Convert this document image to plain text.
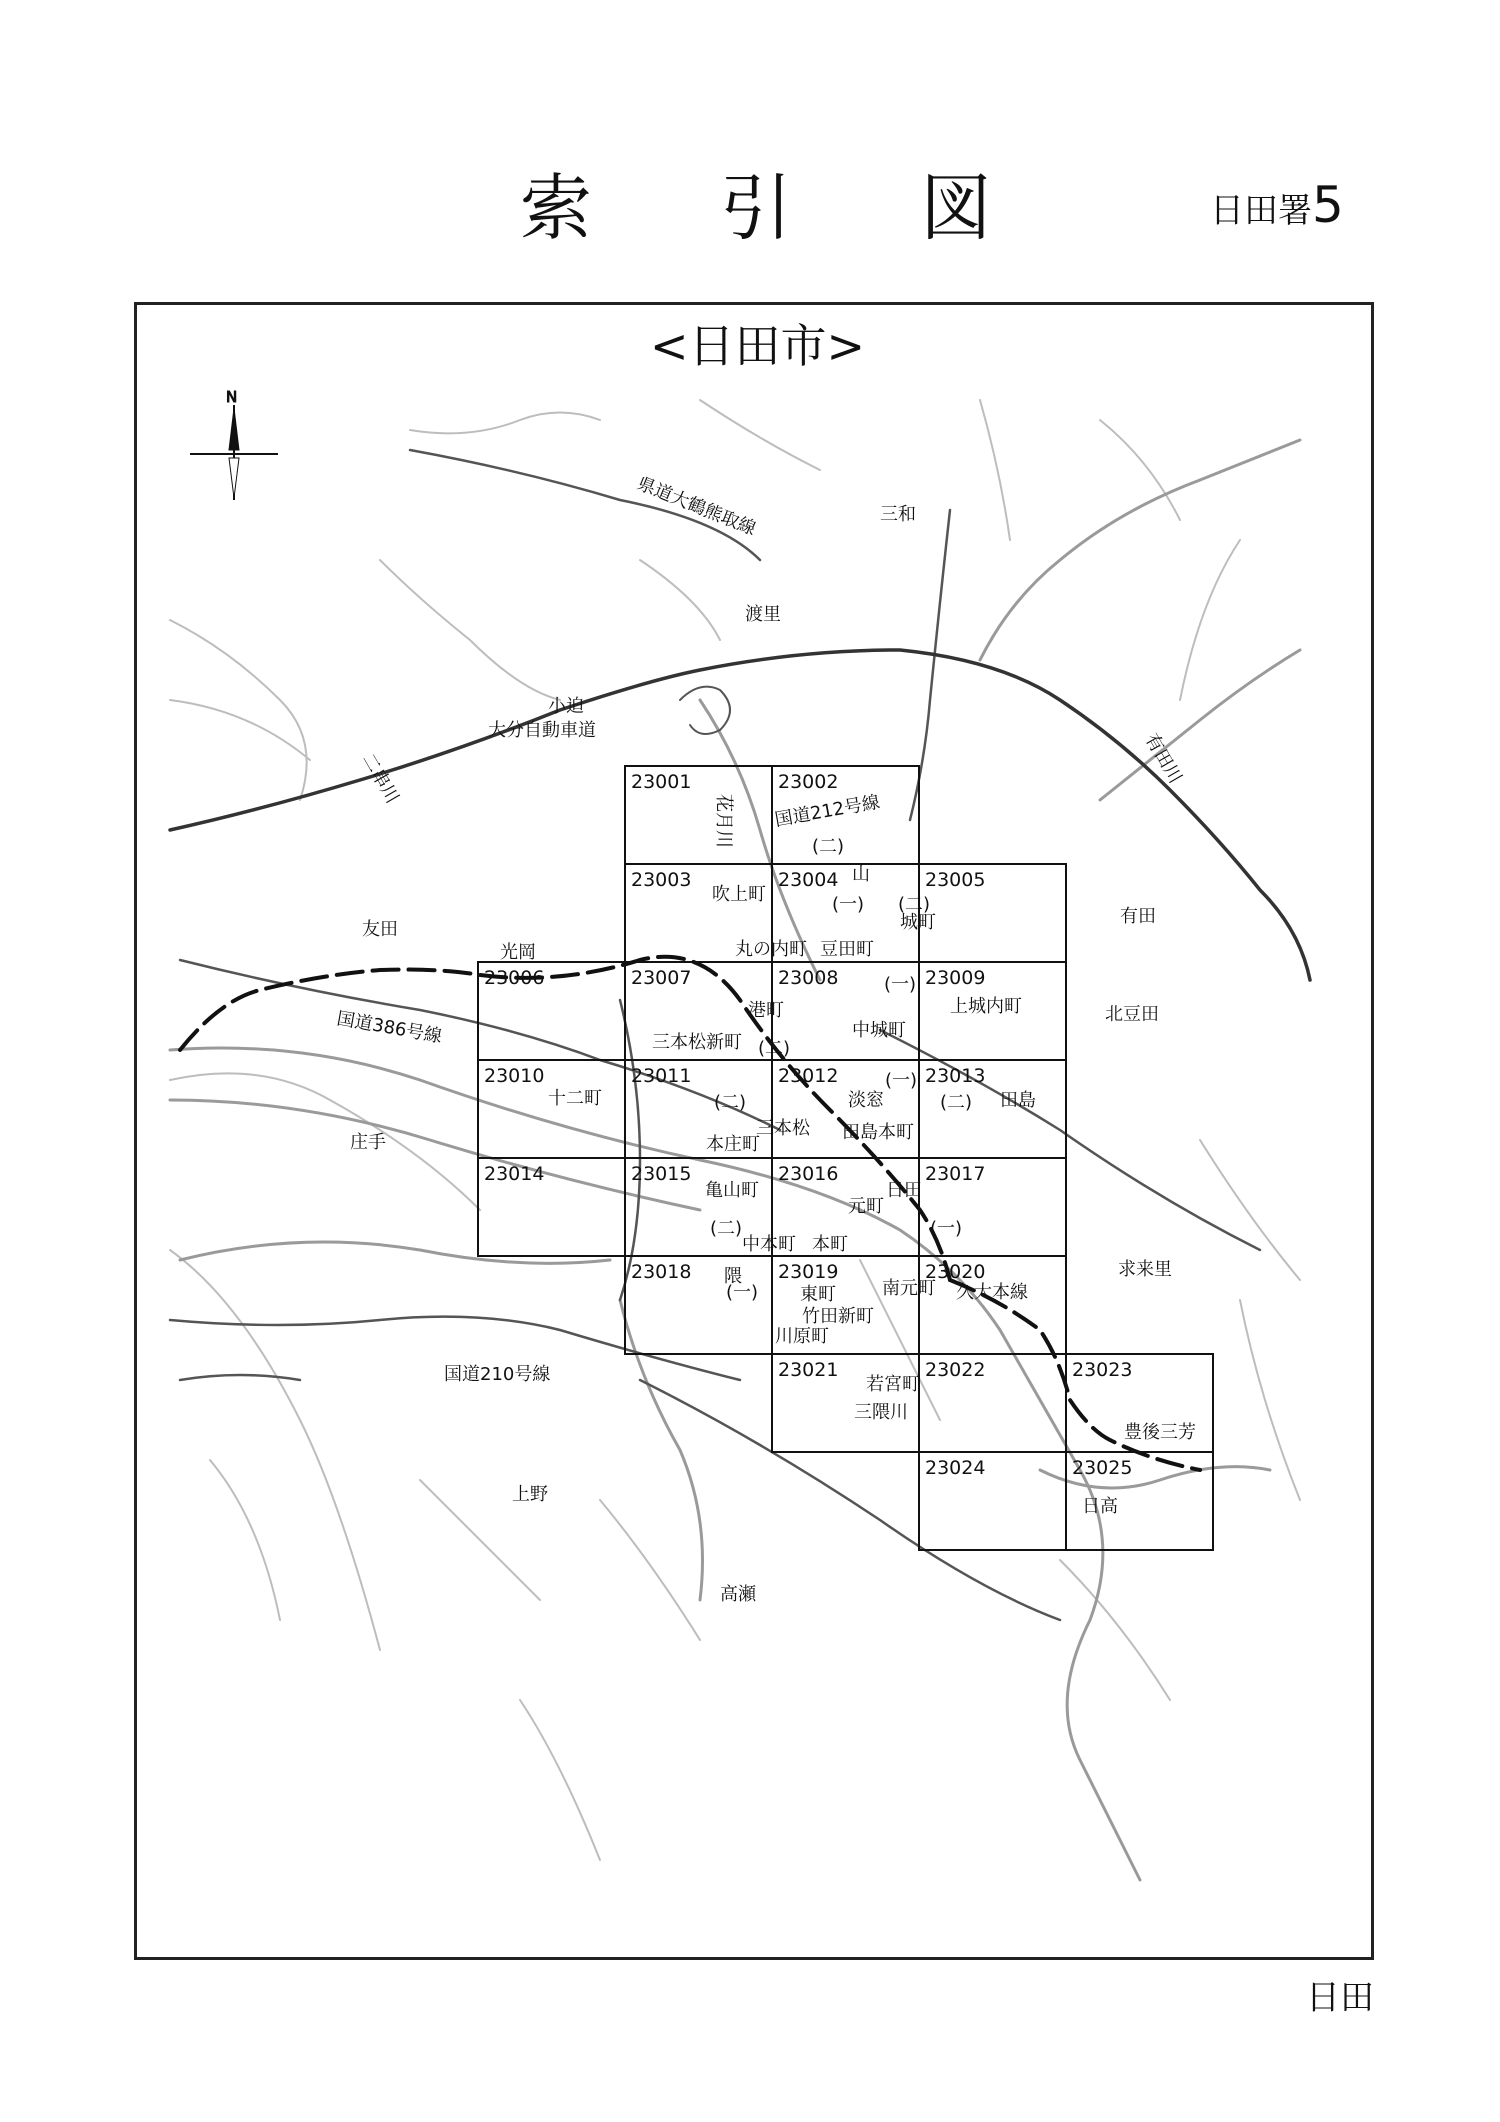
索 引 図	日田署5
<日田市>
N
23001	23002
23003	23004	23005
23006	23007	23008	23009
23010	23011	23012	23013
23014	23015	23016	23017
23018	23019	23020
23021	23022	23023
23024	23025
三和
渡里
小迫
友田
光岡
北豆田
有田
庄手
求来里
上野
高瀬
日高
豊後三芳
吹上町
丸の内町 豆田町
城町
港町
三本松新町
中城町
上城内町
十二町
本庄町
三本松
淡窓
田島本町
田島
亀山町
中本町 本町
元町
日田
隈
東町
竹田新町
川原町
南元町
若宮町
山
(一)
(一)
(一)
(一)
(一)
(二)
(二)
(二)
(二)	(二)
(二)
県道大鶴熊取線
大分自動車道
国道212号線
国道386号線
国道210号線
久大本線
二串川
花月川
有田川
三隈川
日田
